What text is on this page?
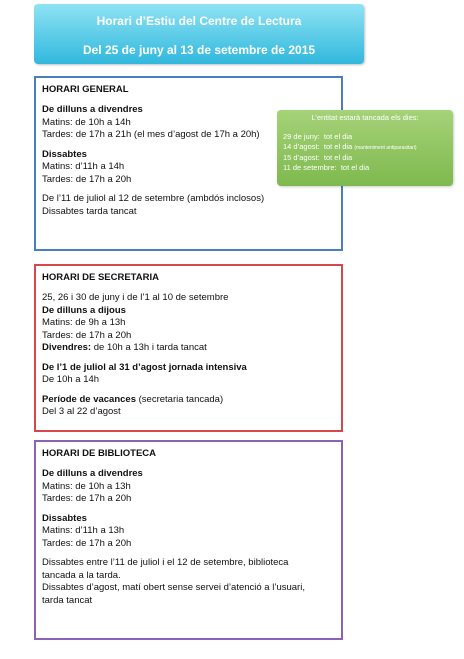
Horari d’Estiu del Centre de Lectura
Del 25 de juny al 13 de setembre de 2015
HORARI GENERAL
De dilluns a divendres
Matins: de 10h a 14h
Tardes: de 17h a 21h (el mes d’agost de 17h a 20h)
Dissabtes
Matins: d’11h a 14h
Tardes: de 17h a 20h
De l’11 de juliol al 12 de setembre (ambdós inclosos)
Dissabtes tarda tancat
L’entitat estarà tancada els dies:
29 de juny: tot el dia
14 d’agost: tot el dia (manteniment antiparasitari)
15 d’agost: tot el dia
11 de setembre: tot el dia
HORARI DE SECRETARIA
25, 26 i 30 de juny i de l’1 al 10 de setembre
De dilluns a dijous
Matins: de 9h a 13h
Tardes: de 17h a 20h
Divendres: de 10h a 13h i tarda tancat
De l’1 de juliol al 31 d’agost jornada intensiva
De 10h a 14h
Període de vacances (secretaria tancada)
Del 3 al 22 d’agost
HORARI DE BIBLIOTECA
De dilluns a divendres
Matins: de 10h a 13h
Tardes: de 17h a 20h
Dissabtes
Matins: d’11h a 13h
Tardes: de 17h a 20h
Dissabtes entre l’11 de juliol i el 12 de setembre, biblioteca
tancada a la tarda.
Dissabtes d’agost, matí obert sense servei d’atenció a l’usuari,
tarda tancat
